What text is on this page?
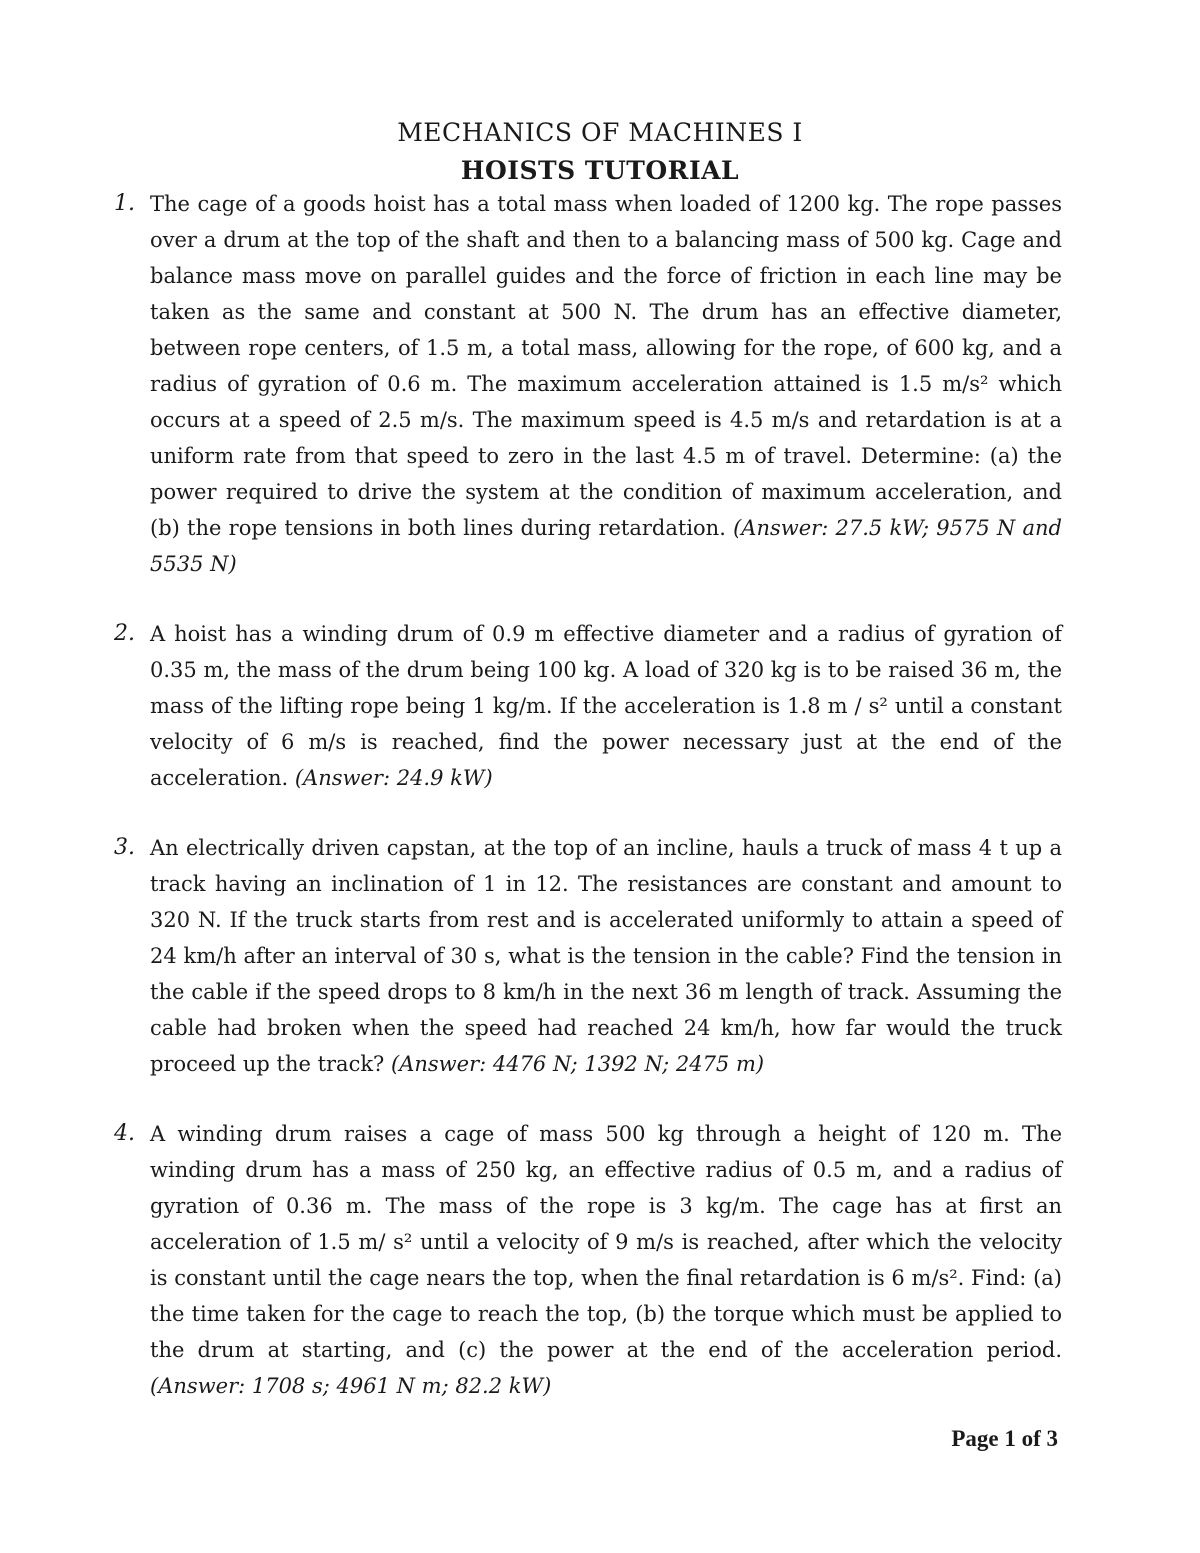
MECHANICS OF MACHINES I
HOISTS TUTORIAL
1. The cage of a goods hoist has a total mass when loaded of 1200 kg. The rope passes over a drum at the top of the shaft and then to a balancing mass of 500 kg. Cage and balance mass move on parallel guides and the force of friction in each line may be taken as the same and constant at 500 N. The drum has an effective diameter, between rope centers, of 1.5 m, a total mass, allowing for the rope, of 600 kg, and a radius of gyration of 0.6 m. The maximum acceleration attained is 1.5 m/s² which occurs at a speed of 2.5 m/s. The maximum speed is 4.5 m/s and retardation is at a uniform rate from that speed to zero in the last 4.5 m of travel. Determine: (a) the power required to drive the system at the condition of maximum acceleration, and (b) the rope tensions in both lines during retardation. (Answer: 27.5 kW; 9575 N and 5535 N)

2. A hoist has a winding drum of 0.9 m effective diameter and a radius of gyration of 0.35 m, the mass of the drum being 100 kg. A load of 320 kg is to be raised 36 m, the mass of the lifting rope being 1 kg/m. If the acceleration is 1.8 m / s² until a constant velocity of 6 m/s is reached, find the power necessary just at the end of the acceleration. (Answer: 24.9 kW)

3. An electrically driven capstan, at the top of an incline, hauls a truck of mass 4 t up a track having an inclination of 1 in 12. The resistances are constant and amount to 320 N. If the truck starts from rest and is accelerated uniformly to attain a speed of 24 km/h after an interval of 30 s, what is the tension in the cable? Find the tension in the cable if the speed drops to 8 km/h in the next 36 m length of track. Assuming the cable had broken when the speed had reached 24 km/h, how far would the truck proceed up the track? (Answer: 4476 N; 1392 N; 2475 m)

4. A winding drum raises a cage of mass 500 kg through a height of 120 m. The winding drum has a mass of 250 kg, an effective radius of 0.5 m, and a radius of gyration of 0.36 m. The mass of the rope is 3 kg/m. The cage has at first an acceleration of 1.5 m/ s² until a velocity of 9 m/s is reached, after which the velocity is constant until the cage nears the top, when the final retardation is 6 m/s². Find: (a) the time taken for the cage to reach the top, (b) the torque which must be applied to the drum at starting, and (c) the power at the end of the acceleration period. (Answer: 1708 s; 4961 N m; 82.2 kW)

Page 1 of 3
